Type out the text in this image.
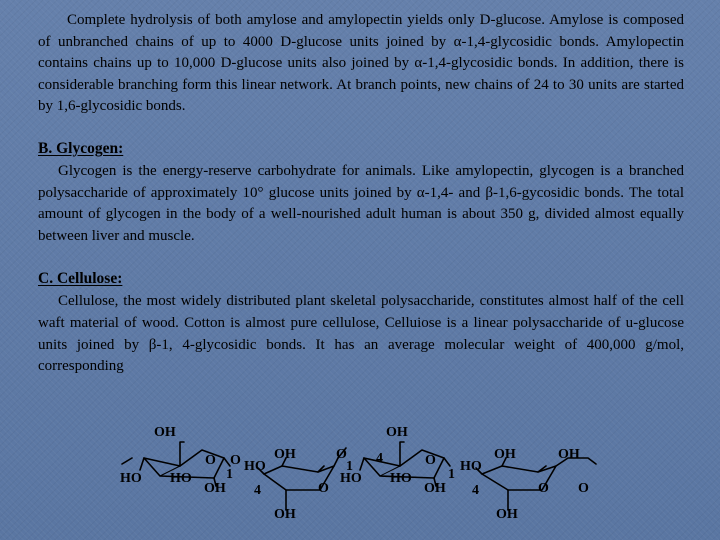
Complete hydrolysis of both amylose and amylopectin yields only D-glucose. Amylose is composed of unbranched chains of up to 4000 D-glucose units joined by α-1,4-glycosidic bonds. Amylopectin contains chains up to 10,000 D-glucose units also joined by α-1,4-glycosidic bonds. In addition, there is considerable branching form this linear network. At branch points, new chains of 24 to 30 units are started by 1,6-glycosidic bonds.

B. Glycogen:

Glycogen is the energy-reserve carbohydrate for animals. Like amylopectin, glycogen is a branched polysaccharide of approximately 10° glucose units joined by α-1,4- and β-1,6-gycosidic bonds. The total amount of glycogen in the body of a well-nourished adult human is about 350 g, divided almost equally between liver and muscle.

C. Cellulose:

Cellulose, the most widely distributed plant skeletal polysaccharide, constitutes almost half of the cell waft material of wood. Cotton is almost pure cellulose, Celluiose is a linear polysaccharide of u-glucose units joined by β-1, 4-glycosidic bonds. It has an average molecular weight of 400,000 g/mol, corresponding

OH
HO HO
O
OH
1
O HO
OH
4	O
OH
OH
O
1
4
HO HO
O
OH
1
HO
OH
4	O
OH
OH
O
